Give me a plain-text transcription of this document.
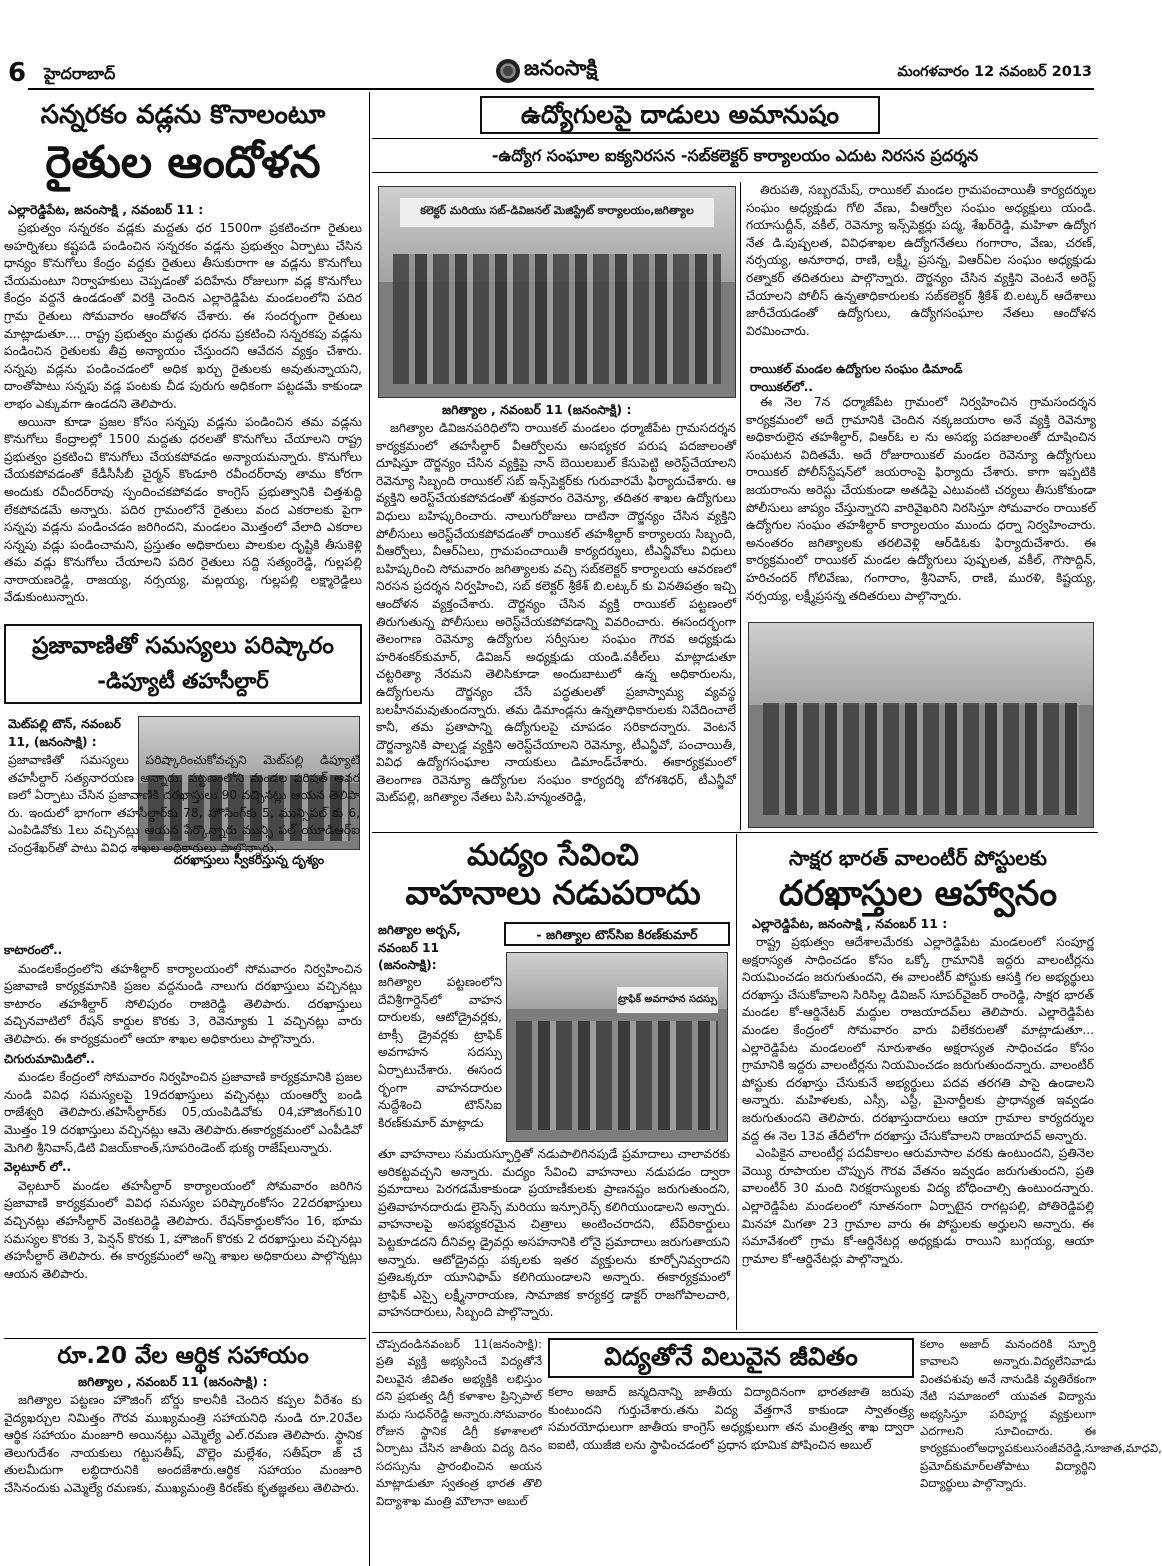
6 హైదరాబాద్	జనంసాక్షి	మంగళవారం 12 నవంబర్ 2013
సన్నరకం వడ్లను కొనాలంటూ
రైతుల ఆందోళన
ఎల్లారెడ్డిపేట, జనంసాక్షి , నవంబర్ 11 :

ప్రభుత్వం సన్నరకం వడ్లకు మద్దతు ధర 1500గా ప్రకటించగా రైతులు అహర్నిశలు కష్టపడి పండించిన సన్నరకం వడ్లను ప్రభుత్వం ఏర్పాటు చేసిన ధాన్యం కొనుగోలు కేంద్రం వద్దకు రైతులు తీసుకురాగా ఆ వడ్లను కొనుగోలు చేయమంటూ నిర్వాహకులు చెప్పడంతో పదిహేను రోజులుగా వడ్ల కొనుగోలు కేంద్రం వద్దనే ఉండడంతో విరక్తి చెందిన ఎల్లారెడ్డిపేట మండలంలోని పదిర గ్రామ రైతులు సోమవారం ఆందోళన చేశారు. ఈ సందర్భంగా రైతులు మాట్లాడుతూ.... రాష్ట్ర ప్రభుత్వం మద్దతు ధరను ప్రకటించి సన్నరకపు వడ్లను పండించిన రైతులకు తీవ్ర అన్యాయం చేస్తుందని ఆవేదన వ్యక్తం చేశారు. సన్నపు వడ్లను పండించడంలో అధిక ఖర్చు రైతులకు అవుతున్నాయని, దాంతోపాటు సన్నపు వడ్ల పంటకు చీడ పురుగు అధికంగా పట్టడమే కాకుండా లాభం ఎక్కువగా ఉండదని తెలిపారు.

అయినా కూడా ప్రజల కోసం సన్నపు వడ్లను పండించిన తమ వడ్లను కొనుగోలు కేంద్రాలల్లో 1500 మద్దతు ధరలతో కొనుగోలు చేయాలని రాష్ట్ర ప్రభుత్వం ప్రకటించి కొనుగోలు చేయకపోవడం అన్యాయమన్నారు. కొనుగోలు చేయకపోవడంతో కేడీసీసీబీ చైర్మన్ కొండూరి రవీందర్‌రావు తాము కోరగా అందుకు రవీందర్‌రావు స్పందించకపోవడం కాంగ్రెస్ ప్రభుత్వానికి చిత్తశుద్ది లేకపోవడమే అన్నారు. పదిర గ్రామంలోనే రైతులు వంద ఎకరాలకు పైగా సన్నపు వడ్లను పండించడం జరిగిందని, మండలం మొత్తంలో వేలాది ఎకరాల సన్నపు వడ్లు పండించామని, ప్రస్తుతం అధికారులు పాలకుల దృష్టికి తీసుకెళ్లి తమ వడ్లు కొనుగోలు చేయాలని పదిర రైతులు సద్ది సత్యంరెడ్డి, గుల్లపల్లి నారాయణరెడ్డి, రాజయ్య, నర్సయ్య, మల్లయ్య, గుల్లపల్లి లక్ష్మారెడ్డిలు వేడుకుంటున్నారు.

ఉద్యోగులపై దాడులు అమానుషం
-ఉద్యోగ సంఘాల ఐక్యనిరసన -సబ్‌కలెక్టర్ కార్యాలయం ఎదుట నిరసన ప్రదర్శన
కలెక్టర్ మరియు సబ్-డివిజనల్ మెజిస్ట్రేట్ కార్యాలయం,జగిత్యాల
జగిత్యాల , నవంబర్ 11 (జనంసాక్షి) :

జగిత్యాల డివిజనపరిధిలోని రాయికల్ మండలం ధర్మాజీపేట గ్రామసదర్శన కార్యక్రమంలో తహసీల్దార్ వీఆర్వోలను అసభ్యకర పరుష పదజాలంతో దూషిస్తూ దౌర్జన్యం చేసిన వ్యక్తిపై నాన్ బెయిలబుల్ కేసుపెట్టి అరెస్ట్‌చేయాలని రెవెన్యూ సిబ్బంది రాయికల్ సబ్ ఇన్స్‌పెక్టర్‌కు గురువారమే ఫిర్యాదుచేశారు. ఆ వ్యక్తిని అరెస్ట్‌చేయకపోవడంతో శుక్రవారం రెవెన్యూ, తదితర శాఖల ఉద్యోగులు విధులు బహిష్కరించారు. నాలుగురోజులు దాటినా దౌర్జన్యం చేసిన వ్యక్తిని పోలీసులు అరెస్ట్‌చేయకపోవడంతో రాయికల్ తహశీల్దార్ కార్యాలయ సిబ్బంది, వీఆర్వోలు, వీఆర్‌ఏలు, గ్రామపంచాయితీ కార్యదర్శులు, టీఎన్జీవోలు విధులు బహిష్కరించి సోమవారం జగిత్యాలకు వచ్చి సబ్‌కలెక్టర్ కార్యాలయ ఆవరణలో నిరసన ప్రదర్శన నిర్వహించి, సబ్ కలెక్టర్ శ్రీకేశ్ బి.లట్కర్ కు వినతిపత్రం ఇచ్చి ఆందోళన వ్యక్తంచేశారు. దౌర్జన్యం చేసిన వ్యక్తి రాయికల్ పట్టణంలో తిరుగుతున్న పోలీసులు అరెస్ట్‌చేయకపోవడాన్ని వివరించారు. ఈసందర్భంగా తెలంగాణ రెవెన్యూ ఉద్యోగుల సర్వీసుల సంఘం గౌరవ అధ్యక్షుడు హరిశంకర్‌కుమార్, డివిజన్ అధ్యక్షుడు యండి.వకీల్‌లు మాట్లాడుతూ చట్టరిత్యా నేరమని తెలిసికూడా అందుబాటులో ఉన్న అధికారులను, ఉద్యోగులను దౌర్జన్యం చేసే పద్ధతులతో ప్రజాస్వామ్య వ్యవస్థ బలహీనమవుతుందన్నారు. తమ డిమాండ్లను ఉన్నతాధికారులకు నివేదించాలే కానీ, తమ ప్రతాపాన్ని ఉద్యోగులపై చూపడం సరికాదన్నారు. వెంటనే దౌర్జన్యానికి పాల్పడ్డ వ్యక్తిని అరెస్ట్‌చేయాలని రెవెన్యూ, టీఎన్జీవో, పంచాయితీ, వివిధ ఉద్యోగసంఘాల నాయకులు డిమాండ్‌చేశారు. ఈకార్యక్రమంలో తెలంగాణ రెవెన్యూ ఉద్యోగుల సంఘం కార్యదర్శి బోగశశిధర్, టీఎన్జీవో మెట్‌పల్లి, జగిత్యాల నేతలు పిసి.హన్మంతరెడ్డి,

తిరుపతి, సబ్బరమేష్, రాయికల్ మండల గ్రామపంచాయితీ కార్యదర్శుల సంఘం అధ్యక్షుడు గోలి వేణు, వీఆర్వోల సంఘం అధ్యక్షులు యండి. గయాసుద్దీన్, వకీల్, రెవెన్యూ ఇన్స్‌పెక్టర్లు పద్మ, శేఖర్‌రెడ్డి, మహిళా ఉద్యోగ నేత డి.పుష్పలత, వివిధశాఖల ఉద్యోగనేతలు గంగారాం, వేణు, చరణ్, నర్సయ్య, అనూరాధ, రాణి, లక్ష్మీ, ప్రసన్న, విఆర్‌ఏల సంఘం అధ్యక్షుడు రత్నాకర్ తదితరులు పాల్గొన్నారు. దౌర్జన్యం చేసిన వ్యక్తిని వెంటనే అరెస్ట్ చేయాలని పోలీస్ ఉన్నతాధికారులకు సబ్‌కలెక్టర్ శ్రీకేశ్ బి.లట్కర్ ఆదేశాలు జారీచేయడంతో ఉద్యోగులు, ఉద్యోగసంఘాల నేతలు ఆందోళన విరమించారు.

రాయికల్ మండల ఉద్యోగుల సంఘం డిమాండ్
రాయికల్‌లో..

ఈ నెల 7న ధర్మాజీపేట గ్రామంలో నిర్వహించిన గ్రామసందర్శన కార్యక్రమంలో అదే గ్రామానికి చెందిన నక్కజయరాం అనే వ్యక్తి రెవెన్యూ అధికారులైన తహశీల్దార్, విఆర్ఓ ల ను అసభ్య పదజాలంతో దూషించిన సంఘటన విదితమే. అదే రోజురాయికల్ మండల రెవెన్యూ ఉద్యోగులు రాయికల్ పోలీస్‌స్టేషన్‌లో జయరాంపై ఫిర్యాదు చేశారు. కాగా ఇప్పటికి జయరాంను అరెస్టు చేయకుండా అతడిపై ఎటువంటి చర్యలు తీసుకోకుండా పోలీసులు జాప్యం చేస్తున్నారని వారివైఖరిని నిరసిస్తూ సోమవారం రాయికల్ ఉద్యోగుల సంఘం తహశీల్దార్ కార్యాలయం ముందు ధర్నా నిర్వహించారు. అనంతరం జగిత్యాలకు తరలివెళ్లి ఆర్‌డిఓకు ఫిర్యాదుచేశారు. ఈ కార్యక్రమంలో రాయికల్ మండల ఉద్యోగులు పుష్పలత, వకీల్, గౌసొద్దిన్, హరిచందర్ గోలివేణు, గంగారాం, శ్రీనివాస్, రాణి, మురళి, కిష్టయ్య, నర్సయ్య, లక్ష్మీప్రసన్న తదితరులు పాల్గొన్నారు.

ప్రజావాణితో సమస్యలు పరిష్కారం
-డిప్యూటీ తహసీల్దార్
మెట్‌పల్లి టౌన్, నవంబర్ 11, (జనంసాక్షి) :
దరఖాస్తులు స్వీకరిస్తున్న దృశ్యం
ప్రజావాణితో సమస్యలు పరిష్కారించుకోవచ్చని మెట్‌పల్లి డిప్యూటి తహసీల్దార్ సత్యనారయణ అన్నారు. పట్టణంలోని మండల పరిషత్ ఆవర ణలో ఏర్పాటు చేసిన ప్రజావాణికి దరఖాస్తులు 90 వచ్చినట్లు ఆయన తెలిపా రు. ఇందులో భాగంగా తహసీల్దార్‌కు 78, హౌసింగ్‌కు 5, మున్సిపల్ కు 6, ఎంపిడివోకు 1లు వచ్చినట్లు ఆయన పేర్కొన్నారు మున్సి పల్ యూడిఆర్‌ఐ చంద్రశేఖర్‌తో పాటు వివిధ శాఖల అధికారులు పాల్గొన్నారు.
కాటారంలో..

మండలకేంద్రంలోని తహశీల్దార్ కార్యాలయంలో సోమవారం నిర్వహించిన ప్రజావాణి కార్యక్రమానికి ప్రజల వద్దనుండి నాలుగు దరఖాస్తులు వచ్చినట్లు కాటారం తహశీల్దార్ సోలిపురం రాజిరెడ్డి తెలిపారు. దరఖాస్తులు వచ్చినవాటిలో రేషన్ కార్డుల కొరకు 3, రెవెన్యూకు 1 వచ్చినట్లు వారు తెలిపారు. ఈ కార్యక్రమంలో ఆయా శాఖల అధికారులు పాల్గొన్నారు.

చిగురుమామిడిలో..

మండల కేంద్రంలో సోమవారం నిర్వహించిన ప్రజావాణి కార్యక్రమానికి ప్రజల నుండి వివిధ సమస్యలపై 19దరఖాస్తులు వచ్చినట్లు యంఆర్వో బండి రాజేశ్వరి తెలిపారు.తహిసీల్దార్‌కు 05,యంపిడివోకు 04,హౌజింగ్‌కు10 మొత్తం 19 దరఖాస్తులు వచ్చినట్లు ఆమె తెలిపారు.ఈకార్యక్రమంలో ఎంపీడివో మెగిలి శ్రీనివాస్,డిటి విజయ్‌కాంత్,సూపరిండెంట్ భుక్య రాజేష్‌లున్నారు.

వెల్గటూర్ లో..

వెల్గటూర్ మండల తహసీల్దార్ కార్యాలయంలో సోమవారం జరిగిన ప్రజావాణి కార్యక్రమంలో వివిధ సమస్యల పరిష్కారంకోసం 22దరఖాస్తులు వచ్చినట్లు తహసీల్దార్ వెంకటరెడ్డి తెలిపారు. రేషన్‌కార్డులకోసం 16, భూమ సమస్యల కొరకు 3, పెన్షన్ కొరకు 1, హౌజింగ్ కొరకు 2 దరఖాస్తులు వచ్చినట్లు తహసీల్దార్ తెలిపారు. ఈ కార్యక్రమంలో అన్ని శాఖల అధికారులు పాల్గొన్నట్లు ఆయన తెలిపారు.

రూ.20 వేల ఆర్థిక సహాయం
జగిత్యాల , నవంబర్ 11 (జనంసాక్షి) :

జగిత్యాల పట్టణం హౌజింగ్ బోర్డు కాలనీకి చెందిన కప్పల వీరేశం కు వైద్యఖర్చుల నిమిత్తం గౌరవ ముఖ్యమంత్రి సహాయనిధి నుండి రూ.20వేల ఆర్థిక సహాయం మంజూరి అయినట్లు ఎమ్మెల్యే ఎల్.రమణ తెలిపారు. స్థానిక తెలుగుదేశం నాయకులు గట్టుసతీష్, వొల్లెం మల్లేశం, సతీష్‌రా జ్ చే తులమీదుగా లబ్ధిదారునికి అందజేశారు.ఆర్థిక సహాయం మంజూరి చేసినందుకు ఎమ్మెల్యే రమణకు, ముఖ్యమంత్రి కిరణ్‌కు కృతజ్ఞతలు తెలిపారు.

మద్యం సేవించి
వాహనాలు నడుపరాదు
జగిత్యాల అర్బన్, నవంబర్ 11 (జనంసాక్షి):
- జగిత్యాల టౌన్‌సిఐ కిరణ్‌కుమార్
ట్రాఫిక్ అవగాహన సదస్సు
జగిత్యాల పట్టణంలోని దేవిశ్రీగార్డెన్‌లో వాహన దారులకు, ఆటోడ్రైవర్లకు, టాక్సీ డ్రైవర్లకు ట్రాఫిక్ అవగాహన సదస్సు ఏర్పాటుచేశారు. ఈసంద ర్భంగా వాహనదారుల నుద్దేశించి టౌన్‌సిఐ కిరణ్‌కుమార్ మాట్లాడు
తూ వాహనాలు సమయస్ఫూర్తితో నడుపాలిగినపుడే ప్రమాదాలు చాలావరకు అరికట్టవచ్చని అన్నారు. మద్యం సేవించి వాహనాలు నడుపడం ద్వారా ప్రమాదాలు పెరగడమేకాకుండా ప్రయాణీకులకు ప్రాణనష్టం జరుగుతుందని, ప్రతివాహనదారుడు లైసెన్స్ మరియు ఇన్సూరెన్స్ కలిగియుండాలని అన్నారు. వాహనాలపై అసభ్యకరమైన చిత్రాలు అంటించరాదని, టేప్‌రికార్డులు పెట్టకూడదని దీనివల్ల డ్రైవర్లు అసహనానికి లోనై ప్రమాదాలు జరుగుతాయని అన్నారు. ఆటోడ్రైవర్లు పక్కలకు ఇతర వ్యక్తులను కూర్చోనివ్వరాదని ప్రతిఒక్కరూ యూనిఫామ్ కలిగియుండాలని అన్నారు. ఈకార్యక్రమంలో ట్రాఫిక్ ఎస్సై లక్ష్మీనారాయణ, సామాజిక కార్యకర్త డాక్టర్ రాజగోపాలచారి, వాహనదారులు, సిబ్బంది పాల్గొన్నారు.
సాక్షర భారత్ వాలంటీర్ పోస్టులకు
దరఖాస్తుల ఆహ్వానం
ఎల్లారెడ్డిపేట, జనంసాక్షి , నవంబర్ 11 :

రాష్ట్ర ప్రభుత్వం ఆదేశాలమేరకు ఎల్లారెడ్డిపేట మండలంలో సంపూర్ణ అక్షరాస్యత సాధించడం కోసం ఒక్కో గ్రామానికి ఇద్దరు వాలంటీర్లను నియమించడం జరుగుతుందని, ఈ వాలంటీర్ పోస్టుకు ఆసక్తి గల అభ్యర్థులు దరఖాస్తు చేసుకోవాలని సిరిసిల్ల డివిజన్ సూపర్‌వైజర్ రాంరెడ్డి, సాక్షర భారత్ మండల కో-ఆర్డినేటర్ మద్దుల రాజయాదవ్‌లు తెలిపారు. ఎల్లారెడ్డిపేట మండల కేంద్రంలో సోమవారం వారు విలేకరులతో మాట్లాడుతూ... ఎల్లారెడ్డిపేట మండలంలో నూరుశాతం అక్షరాస్యత సాధించడం కోసం గ్రామానికి ఇద్దరు వాలంటీర్లను నియమించడం జరుగుతుందన్నారు. వాలంటీర్ పోస్టుకు దరఖాస్తు చేసుకునే అభ్యర్థులు పదవ తరగతి పాసై ఉండాలని అన్నారు. మహిళలకు, ఎస్సీ, ఎస్టీ, మైనార్టీలకు ప్రాధాన్యత ఇవ్వడం జరుగుతుందని తెలిపారు. దరఖాస్తుదారులు ఆయా గ్రామాల కార్యదర్శుల వద్ద ఈ నెల 13వ తేదీలోగా దరఖాస్తు చేసుకోవాలని రాజయాదవ్ అన్నారు.

ఎంపికైన వాలంటీర్ల పదవీకాలం ఆరుమాసాల వరకు ఉంటుందని, ప్రతినెల వెయ్యి రూపాయల చొప్పున గౌరవ వేతనం ఇవ్వడం జరుగుతుందని, ప్రతి వాలంటీర్ 30 మంది నిరక్షరాస్యులకు విద్య బోధించాల్సి ఉంటుందన్నారు. ఎల్లారెడ్డిపేట మండలంలో నూతనంగా ఏర్పాటైన రాగట్లపల్లి, పోతిరెడ్డిపల్లి మినహా మిగతా 23 గ్రామాల వారు ఈ పోస్టులకు అర్హులని అన్నారు. ఈ సమావేశంలో గ్రామ కో-ఆర్డినేటర్ల అధ్యక్షుడు రాయిని బుగ్గయ్య, ఆయా గ్రామాల కో-ఆర్డినేటర్లు పాల్గొన్నారు.

విద్యతోనే విలువైన జీవితం
చొప్పదండినవంబర్ 11(జనంసాక్షి): ప్రతి వ్యక్తి అభ్యసించే విద్యతోనే విలువైన జీవితం అభ్యక్తికి లభిస్తుం దని ప్రభుత్వ డిగ్రీ కళాశాల ప్రిన్సిపాల్ మధు సుధన్‌రెడ్డి అన్నారు.సోమవారం రోజున స్థానిక డిగ్రీ కళాశాలలో ఏర్పాటు చేసిన జాతీయ విద్య దినం సదస్సును ప్రారంభించిన అయన మాట్లాడుతూ స్వతంత్ర భారత తొలి విద్యాశాఖ మంత్రి మౌలానా అబుల్
కలాం అజాద్ జన్మదినాన్ని జాతీయ విద్యాదినంగా భారతజాతి జరుపు కుంటుందని గుర్తుచేశారు.తను విద్య వేత్తగానే కాకుండా స్వాతంత్ర్య సమరయోధులుగా జాతీయ కాంగ్రెస్ అధ్యక్షులుగా తన మంత్రిత్వ శాఖ ద్వారా ఐఐటి, యుజీజి లను స్థాపించడంలో ప్రధాన భూమిక పోషించిన అబుల్
కలాం అజాద్ మనందరికి స్ఫూర్తి కావాలని అన్నారు.విద్యలేనివాడు వింతపశువు అనే నానుడికి వ్యతిరేకంగా నేటి సమాజంలో యువత విద్యాను అభ్యసిస్తూ పరిపూర్ణ వ్యక్తులుగా ఎదగాలని సూచించారు. ఈ కార్యక్రమంలోఅధ్యాపకులుసంజీవరెడ్డి,సూజాత,మాధవి, ప్రమోద్‌కుమార్‌లతోపాటు విద్యార్థిని విద్యార్థులు పాల్గొన్నారు.
